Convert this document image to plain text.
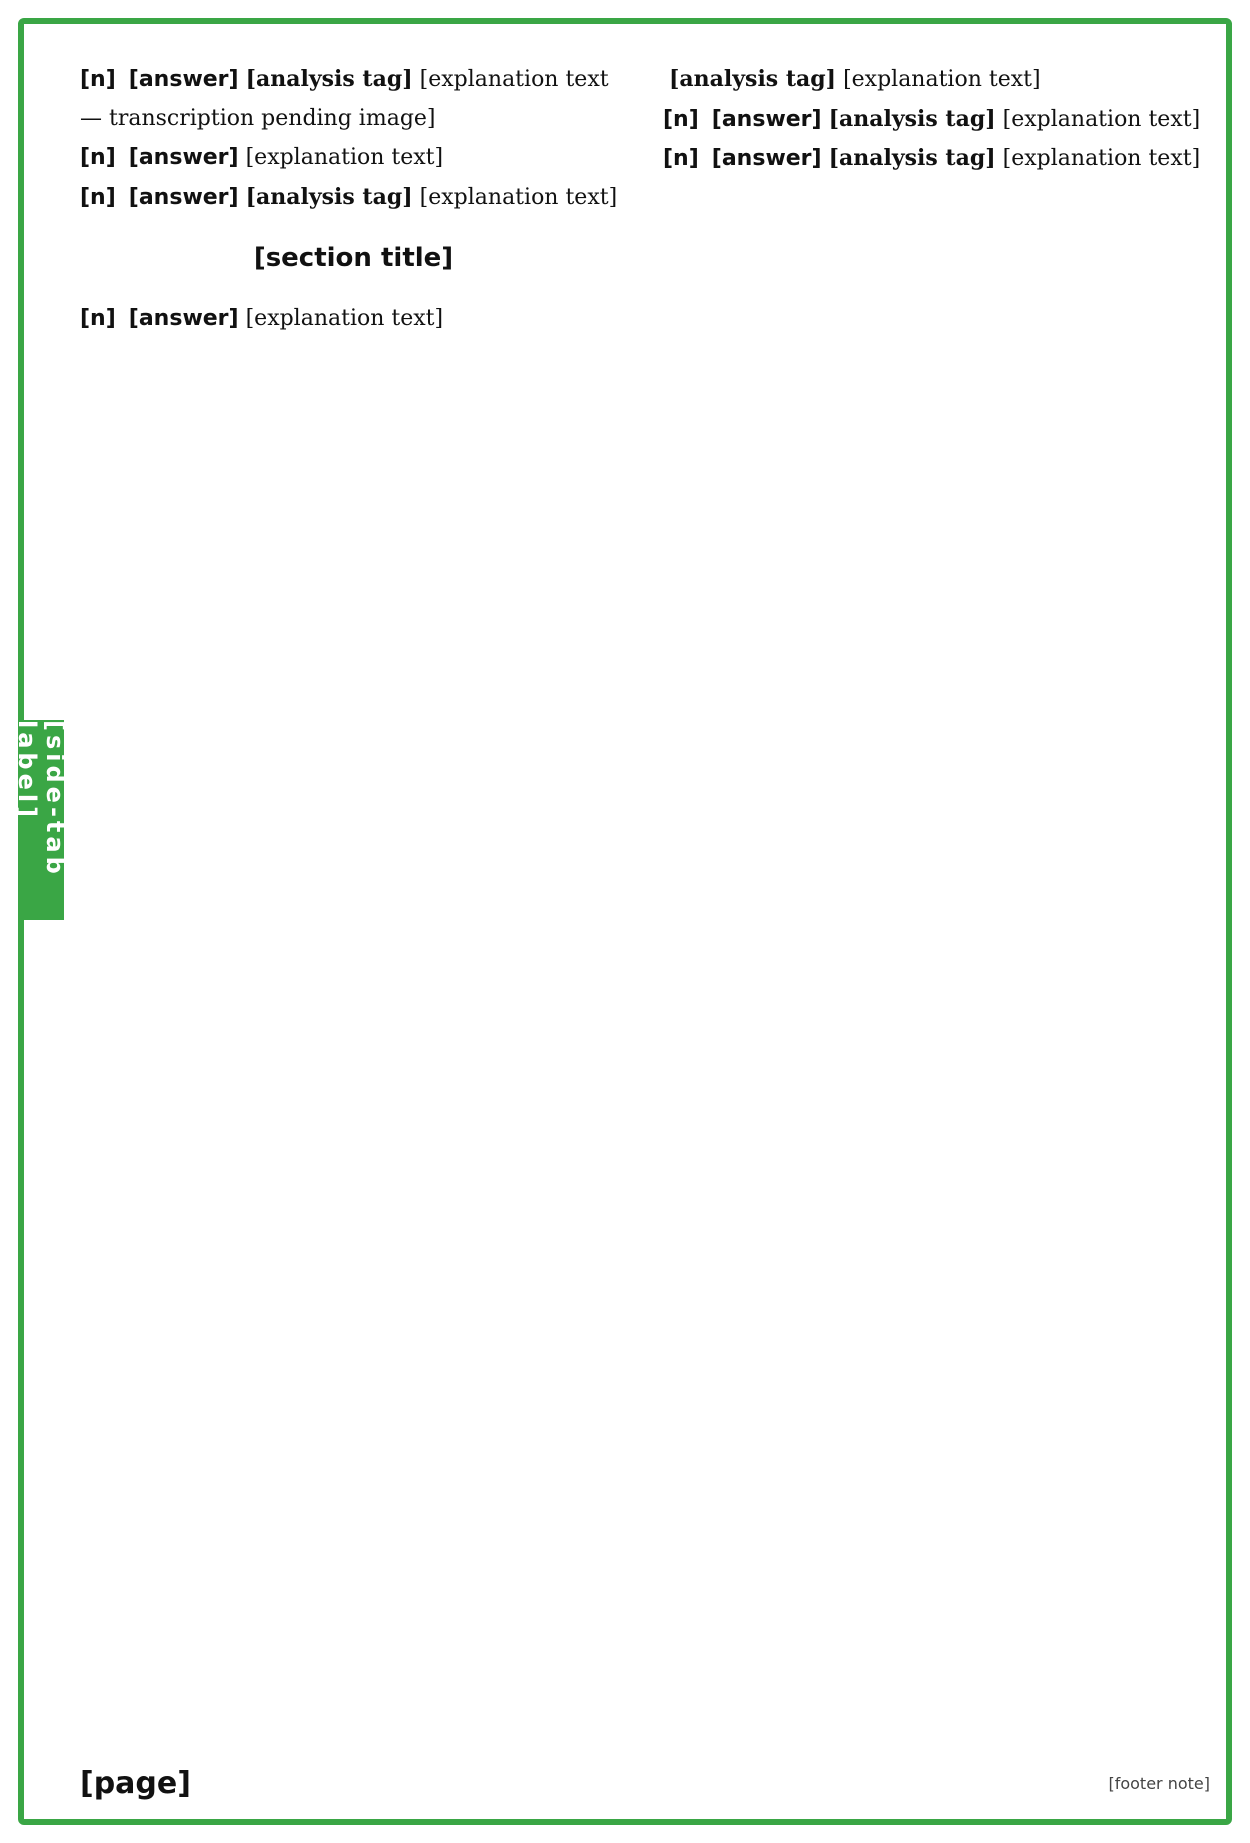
[side-tab label]
[n] [answer] [analysis tag] [explanation text — transcription pending image]
[n] [answer] [explanation text]
[n] [answer] [analysis tag] [explanation text]
[section title]
[n] [answer] [explanation text]
[analysis tag] [explanation text]
[n] [answer] [analysis tag] [explanation text]
[n] [answer] [analysis tag] [explanation text]
[page]	[footer note]
